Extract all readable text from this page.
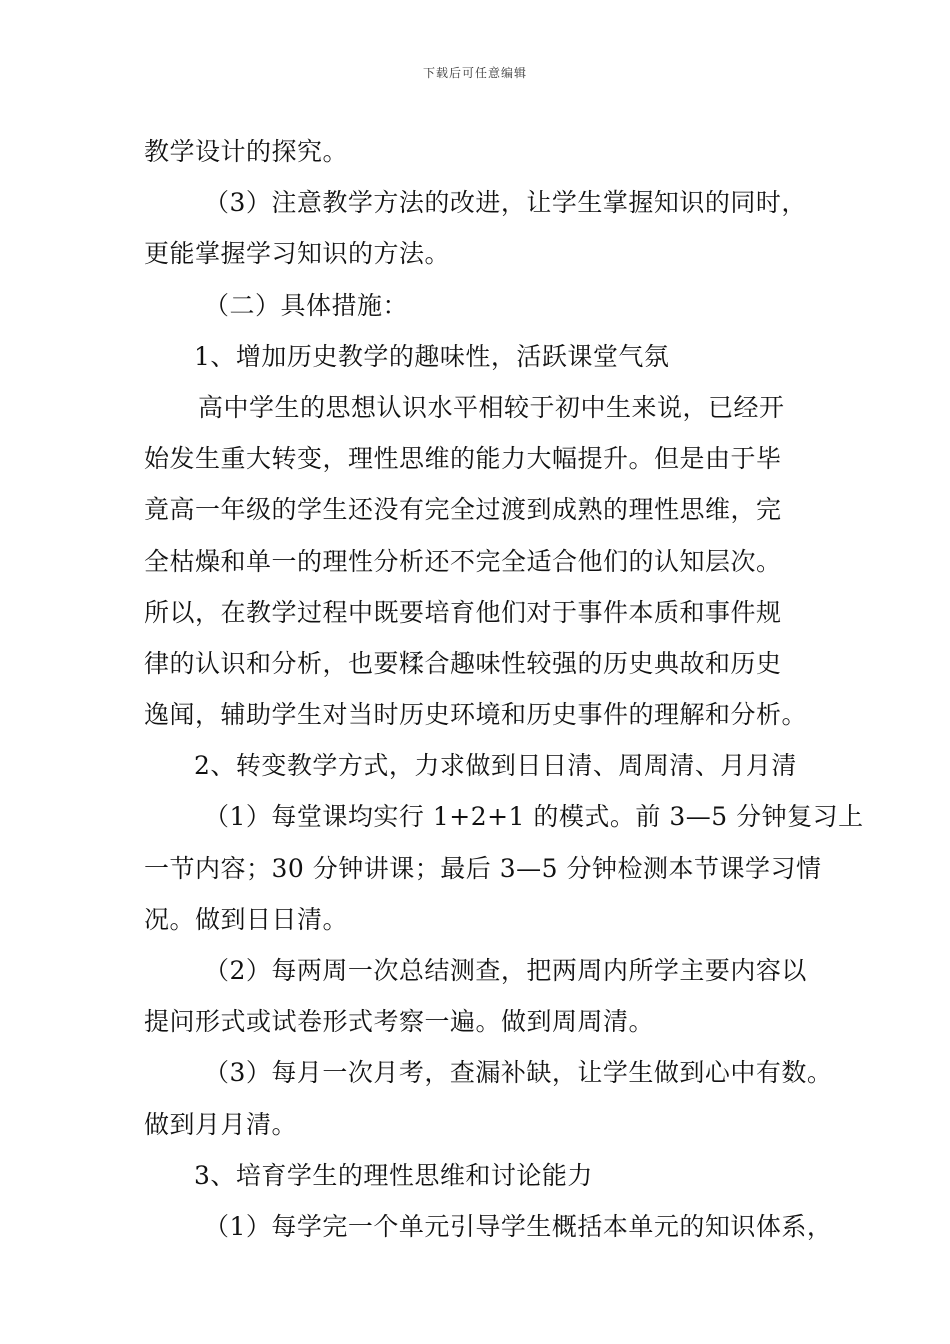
下载后可任意编辑
教学设计的探究。
（3）注意教学方法的改进，让学生掌握知识的同时，
更能掌握学习知识的方法。
（二）具体措施：
1、增加历史教学的趣味性，活跃课堂气氛
高中学生的思想认识水平相较于初中生来说，已经开
始发生重大转变，理性思维的能力大幅提升。但是由于毕
竟高一年级的学生还没有完全过渡到成熟的理性思维，完
全枯燥和单一的理性分析还不完全适合他们的认知层次。
所以，在教学过程中既要培育他们对于事件本质和事件规
律的认识和分析，也要糅合趣味性较强的历史典故和历史
逸闻，辅助学生对当时历史环境和历史事件的理解和分析。
2、转变教学方式，力求做到日日清、周周清、月月清
（1）每堂课均实行 1+2+1 的模式。前 3—5 分钟复习上
一节内容；30 分钟讲课；最后 3—5 分钟检测本节课学习情
况。做到日日清。
（2）每两周一次总结测查，把两周内所学主要内容以
提问形式或试卷形式考察一遍。做到周周清。
（3）每月一次月考，查漏补缺，让学生做到心中有数。
做到月月清。
3、培育学生的理性思维和讨论能力
（1）每学完一个单元引导学生概括本单元的知识体系，
